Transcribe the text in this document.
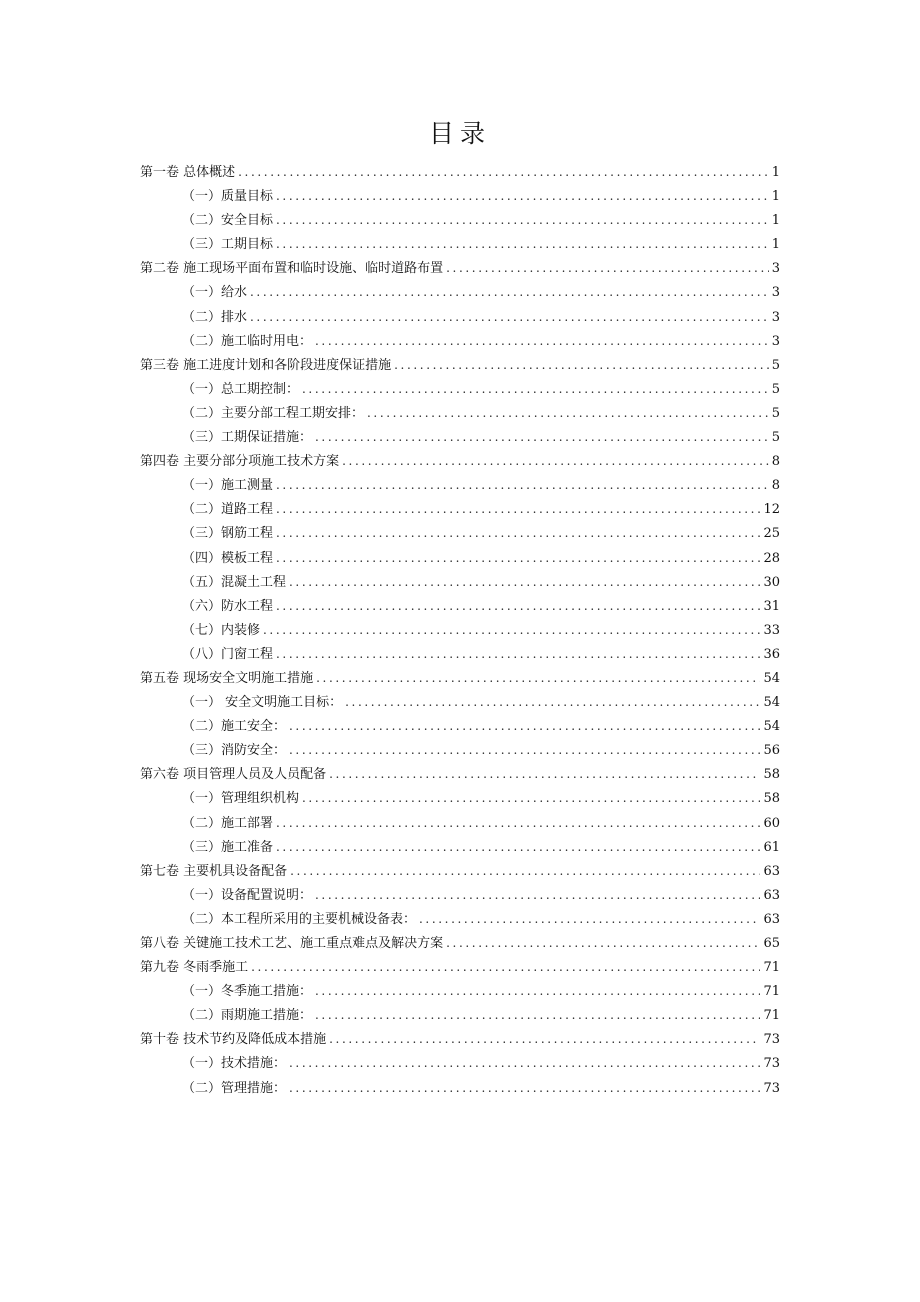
目录
第一卷 总体概述 .....	1
（一）质量目标 .....	1
（二）安全目标 .....	1
（三）工期目标 .....	1
第二卷 施工现场平面布置和临时设施、临时道路布置 .....	3
（一）给水 .....	3
（二）排水 .....	3
（二）施工临时用电： .....	3
第三卷 施工进度计划和各阶段进度保证措施 .....	5
（一）总工期控制： .....	5
（二）主要分部工程工期安排： .....	5
（三）工期保证措施： .....	5
第四卷 主要分部分项施工技术方案 .....	8
（一）施工测量 .....	8
（二）道路工程 .....	12
（三）钢筋工程 .....	25
（四）模板工程 .....	28
（五）混凝土工程 .....	30
（六）防水工程 .....	31
（七）内装修 .....	33
（八）门窗工程 .....	36
第五卷 现场安全文明施工措施 .....	54
（一） 安全文明施工目标： .....	54
（二）施工安全： .....	54
（三）消防安全： .....	56
第六卷 项目管理人员及人员配备 .....	58
（一）管理组织机构 .....	58
（二）施工部署 .....	60
（三）施工准备 .....	61
第七卷 主要机具设备配备 .....	63
（一）设备配置说明： .....	63
（二）本工程所采用的主要机械设备表： .....	63
第八卷 关键施工技术工艺、施工重点难点及解决方案 .....	65
第九卷 冬雨季施工 .....	71
（一）冬季施工措施： .....	71
（二）雨期施工措施： .....	71
第十卷 技术节约及降低成本措施 .....	73
（一）技术措施： .....	73
（二）管理措施： .....	73
